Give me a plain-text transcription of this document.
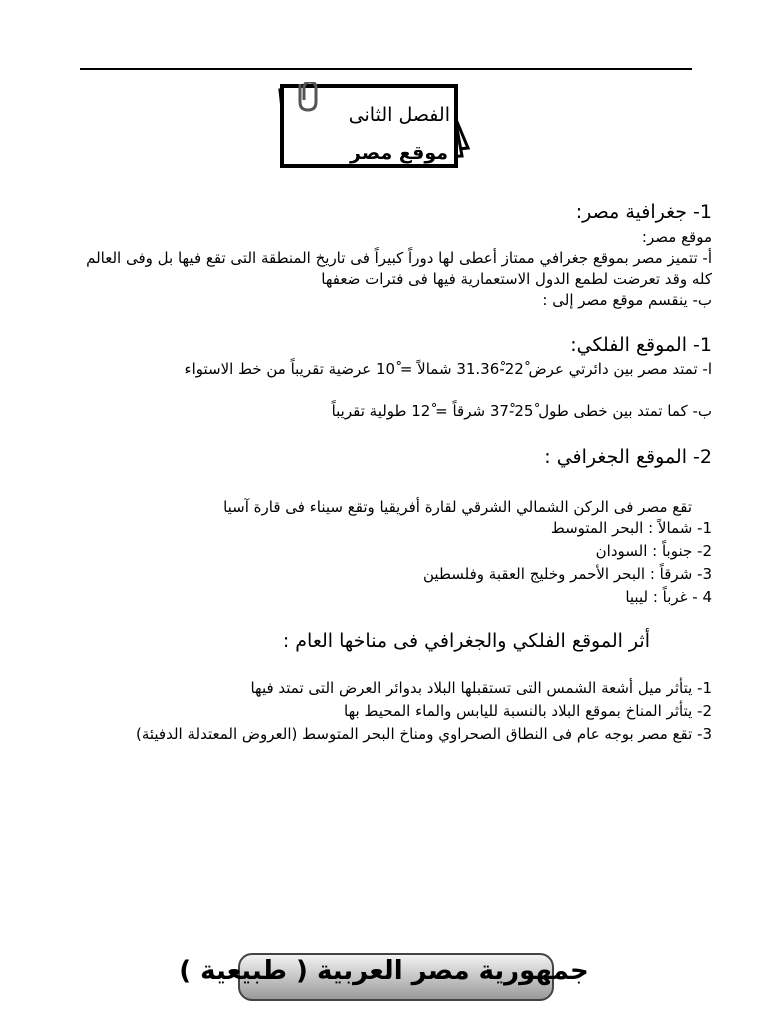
الفصل الثانى
موقع مصر
1- جغرافية مصر:
موقع مصر:
أ- تتميز مصر بموقع جغرافي ممتاز أعطى لها دوراً كبيراً فى تاريخ المنطقة التى تقع فيها بل وفى العالم كله وقد تعرضت لطمع الدول الاستعمارية فيها فى فترات ضعفها
ب- ينقسم موقع مصر إلى :
1- الموقع الفلكي:
ا- تمتد مصر بين دائرتي عرض 22ْ-31.36ْ شمالاً = 10ْ عرضية تقريباً من خط الاستواء
ب- كما تمتد بين خطى طول 25ْ-37ْ شرقاً = 12ْ طولية تقريباً
2- الموقع الجغرافي :
تقع مصر فى الركن الشمالي الشرقي لقارة أفريقيا وتقع سيناء فى قارة آسيا
1- شمالاً : البحر المتوسط
2- جنوباً : السودان
3- شرقاً : البحر الأحمر وخليج العقبة وفلسطين
4 - غرباً : ليبيا
أثر الموقع الفلكي والجغرافي فى مناخها العام :
1- يتأثر ميل أشعة الشمس التى تستقبلها البلاد بدوائر العرض التى تمتد فيها
2- يتأثر المناخ بموقع البلاد بالنسبة لليابس والماء المحيط بها
3- تقع مصر بوجه عام فى النطاق الصحراوي ومناخ البحر المتوسط (العروض المعتدلة الدفيئة)
جمهورية مصر العربية ( طبيعية )
